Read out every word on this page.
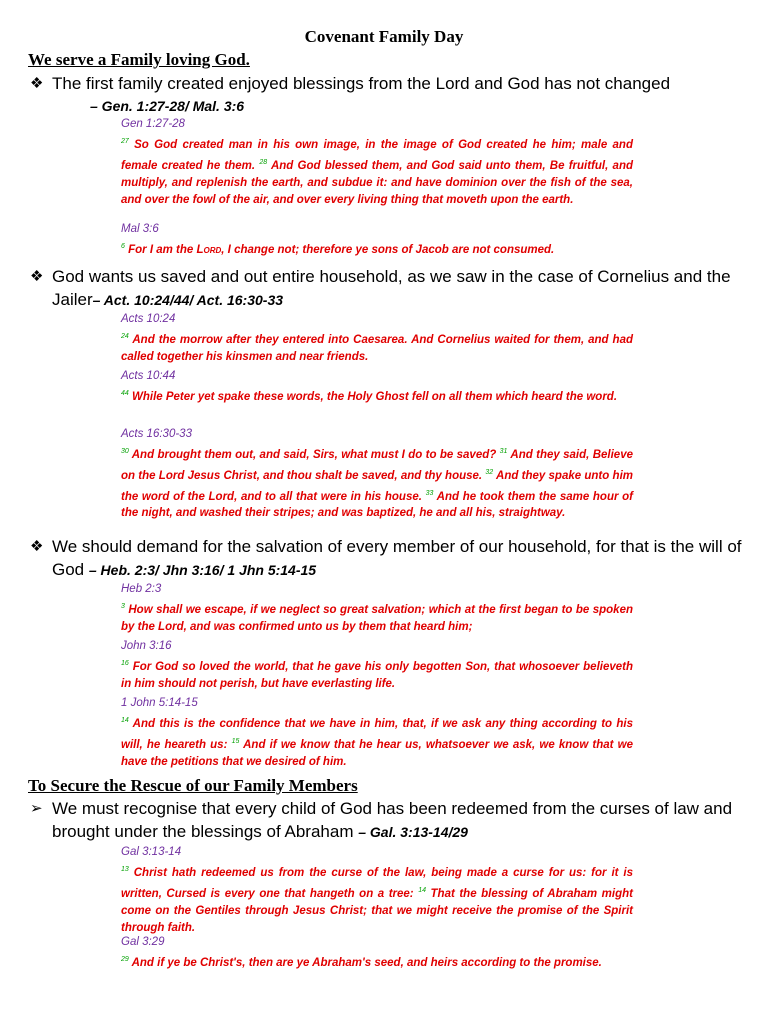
Covenant Family Day
We serve a Family loving God.
❖ The first family created enjoyed blessings from the Lord and God has not changed
– Gen. 1:27-28/ Mal. 3:6
Gen 1:27-28
$^{27}$ So God created man in his own image, in the image of God created he him; male and female created he them. $^{28}$ And God blessed them, and God said unto them, Be fruitful, and multiply, and replenish the earth, and subdue it: and have dominion over the fish of the sea, and over the fowl of the air, and over every living thing that moveth upon the earth.
Mal 3:6
$^6$ For I am the Lord, I change not; therefore ye sons of Jacob are not consumed.
❖ God wants us saved and out entire household, as we saw in the case of Cornelius and the Jailer– Act. 10:24/44/ Act. 16:30-33
Acts 10:24
$^{24}$ And the morrow after they entered into Caesarea. And Cornelius waited for them, and had called together his kinsmen and near friends.
Acts 10:44
$^{44}$ While Peter yet spake these words, the Holy Ghost fell on all them which heard the word.
Acts 16:30-33
$^{30}$ And brought them out, and said, Sirs, what must I do to be saved? $^{31}$ And they said, Believe on the Lord Jesus Christ, and thou shalt be saved, and thy house. $^{32}$ And they spake unto him the word of the Lord, and to all that were in his house. $^{33}$ And he took them the same hour of the night, and washed their stripes; and was baptized, he and all his, straightway.
❖ We should demand for the salvation of every member of our household, for that is the will of God – Heb. 2:3/ Jhn 3:16/ 1 Jhn 5:14-15
Heb 2:3
$^3$ How shall we escape, if we neglect so great salvation; which at the first began to be spoken by the Lord, and was confirmed unto us by them that heard him;
John 3:16
$^{16}$ For God so loved the world, that he gave his only begotten Son, that whosoever believeth in him should not perish, but have everlasting life.
1 John 5:14-15
$^{14}$ And this is the confidence that we have in him, that, if we ask any thing according to his will, he heareth us: $^{15}$ And if we know that he hear us, whatsoever we ask, we know that we have the petitions that we desired of him.
To Secure the Rescue of our Family Members
➢ We must recognise that every child of God has been redeemed from the curses of law and brought under the blessings of Abraham – Gal. 3:13-14/29
Gal 3:13-14
$^{13}$ Christ hath redeemed us from the curse of the law, being made a curse for us: for it is written, Cursed is every one that hangeth on a tree: $^{14}$ That the blessing of Abraham might come on the Gentiles through Jesus Christ; that we might receive the promise of the Spirit through faith.
Gal 3:29
$^{29}$ And if ye be Christ's, then are ye Abraham's seed, and heirs according to the promise.
